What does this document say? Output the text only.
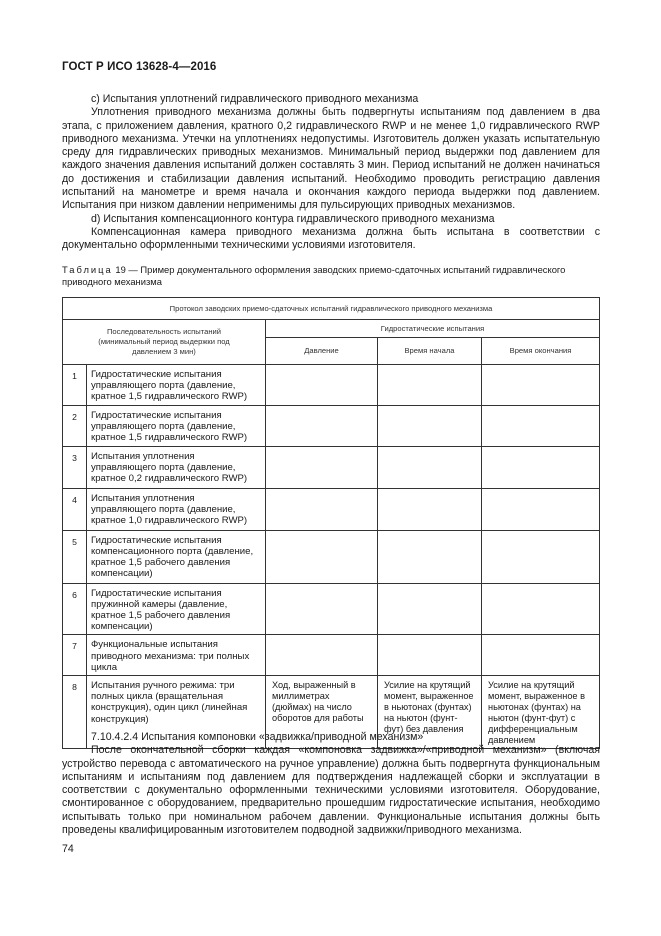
ГОСТ Р ИСО 13628-4—2016

c) Испытания уплотнений гидравлического приводного механизма

Уплотнения приводного механизма должны быть подвергнуты испытаниям под давлением в два этапа, с приложением давления, кратного 0,2 гидравлического RWP и не менее 1,0 гидравлического RWP приводного механизма. Утечки на уплотнениях недопустимы. Изготовитель должен указать испытательную среду для гидравлических приводных механизмов. Минимальный период выдержки под давлением для каждого значения давления испытаний должен составлять 3 мин. Период испытаний не должен начинаться до достижения и стабилизации давления испытаний. Необходимо проводить регистрацию давления испытаний на манометре и время начала и окончания каждого периода выдержки под давлением. Испытания при низком давлении неприменимы для пульсирующих приводных механизмов.

d) Испытания компенсационного контура гидравлического приводного механизма

Компенсационная камера приводного механизма должна быть испытана в соответствии с документально оформленными техническими условиями изготовителя.

Таблица 19 — Пример документального оформления заводских приемо-сдаточных испытаний гидравлического приводного механизма
Протокол заводских приемо-сдаточных испытаний гидравлического приводного механизма				
Последовательность испытаний (минимальный период выдержки под давлением 3 мин)		Гидростатические испытания		
		Давление	Время начала	Время окончания
1	Гидростатические испытания управляющего порта (давление, кратное 1,5 гидравлического RWP)			
2	Гидростатические испытания управляющего порта (давление, кратное 1,5 гидравлического RWP)			
3	Испытания уплотнения управляющего порта (давление, кратное 0,2 гидравлического RWP)			
4	Испытания уплотнения управляющего порта (давление, кратное 1,0 гидравлического RWP)			
5	Гидростатические испытания компенсационного порта (давление, кратное 1,5 рабочего давления компенсации)			
6	Гидростатические испытания пружинной камеры (давление, кратное 1,5 рабочего давления компенсации)			
7	Функциональные испытания приводного механизма: три полных цикла			
8	Испытания ручного режима: три полных цикла (вращательная конструкция), один цикл (линейная конструкция)	Ход, выраженный в миллиметрах (дюймах) на число оборотов для работы	Усилие на крутящий момент, выраженное в ньютонах (фунтах) на ньютон (фунт-фут) без давления	Усилие на крутящий момент, выраженное в ньютонах (фунтах) на ньютон (фунт-фут) с дифференциальным давлением

7.10.4.2.4 Испытания компоновки «задвижка/приводной механизм»

После окончательной сборки каждая «компоновка задвижка»/«приводной механизм» (включая устройство перевода с автоматического на ручное управление) должна быть подвергнута функциональным испытаниям и испытаниям под давлением для подтверждения надлежащей сборки и эксплуатации в соответствии с документально оформленными техническими условиями изготовителя. Оборудование, смонтированное с оборудованием, предварительно прошедшим гидростатические испытания, необходимо испытывать только при номинальном рабочем давлении. Функциональные испытания должны быть проведены квалифицированным изготовителем подводной задвижки/приводного механизма.

74
